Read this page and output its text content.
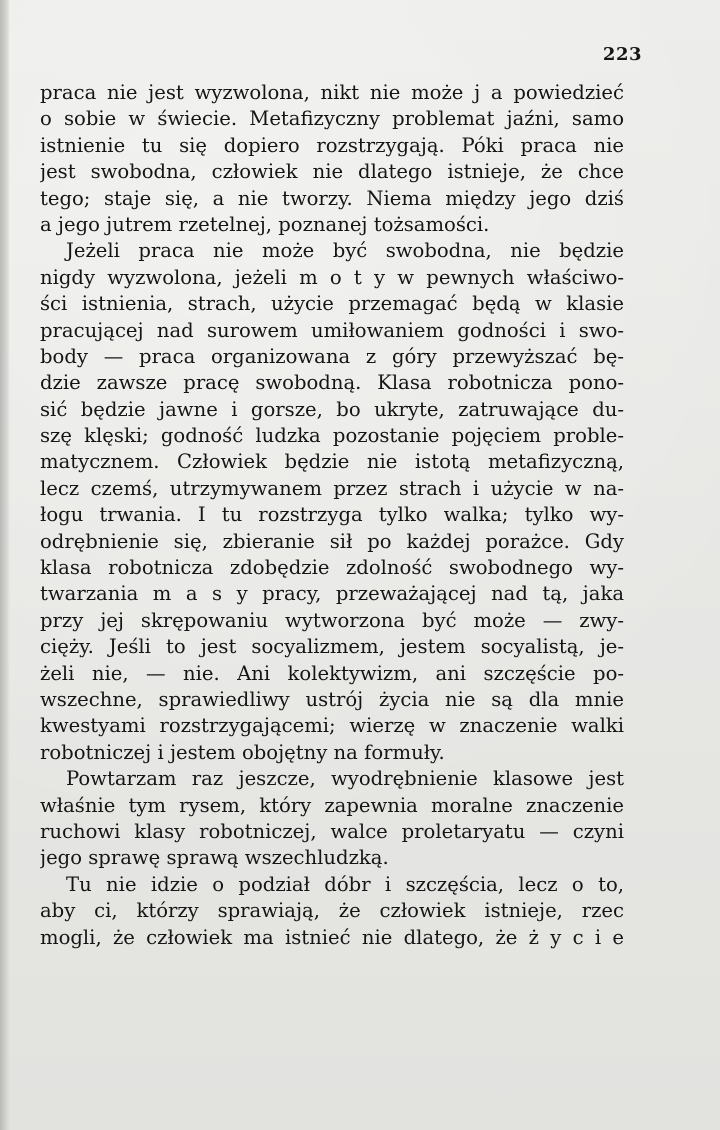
223
praca nie jest wyzwolona, nikt nie może j a powiedzieć
o sobie w świecie. Metafizyczny problemat jaźni, samo
istnienie tu się dopiero rozstrzygają. Póki praca nie
jest swobodna, człowiek nie dlatego istnieje, że chce
tego; staje się, a nie tworzy. Niema między jego dziś
a jego jutrem rzetelnej, poznanej tożsamości.
Jeżeli praca nie może być swobodna, nie będzie
nigdy wyzwolona, jeżeli m o t y w pewnych właściwo-
ści istnienia, strach, użycie przemagać będą w klasie
pracującej nad surowem umiłowaniem godności i swo-
body — praca organizowana z góry przewyższać bę-
dzie zawsze pracę swobodną. Klasa robotnicza pono-
sić będzie jawne i gorsze, bo ukryte, zatruwające du-
szę klęski; godność ludzka pozostanie pojęciem proble-
matycznem. Człowiek będzie nie istotą metafizyczną,
lecz czemś, utrzymywanem przez strach i użycie w na-
łogu trwania. I tu rozstrzyga tylko walka; tylko wy-
odrębnienie się, zbieranie sił po każdej porażce. Gdy
klasa robotnicza zdobędzie zdolność swobodnego wy-
twarzania m a s y pracy, przeważającej nad tą, jaka
przy jej skrępowaniu wytworzona być może — zwy-
cięży. Jeśli to jest socyalizmem, jestem socyalistą, je-
żeli nie, — nie. Ani kolektywizm, ani szczęście po-
wszechne, sprawiedliwy ustrój życia nie są dla mnie
kwestyami rozstrzygającemi; wierzę w znaczenie walki
robotniczej i jestem obojętny na formuły.
Powtarzam raz jeszcze, wyodrębnienie klasowe jest
właśnie tym rysem, który zapewnia moralne znaczenie
ruchowi klasy robotniczej, walce proletaryatu — czyni
jego sprawę sprawą wszechludzką.
Tu nie idzie o podział dóbr i szczęścia, lecz o to,
aby ci, którzy sprawiają, że człowiek istnieje, rzec
mogli, że człowiek ma istnieć nie dlatego, że ż y c i e
